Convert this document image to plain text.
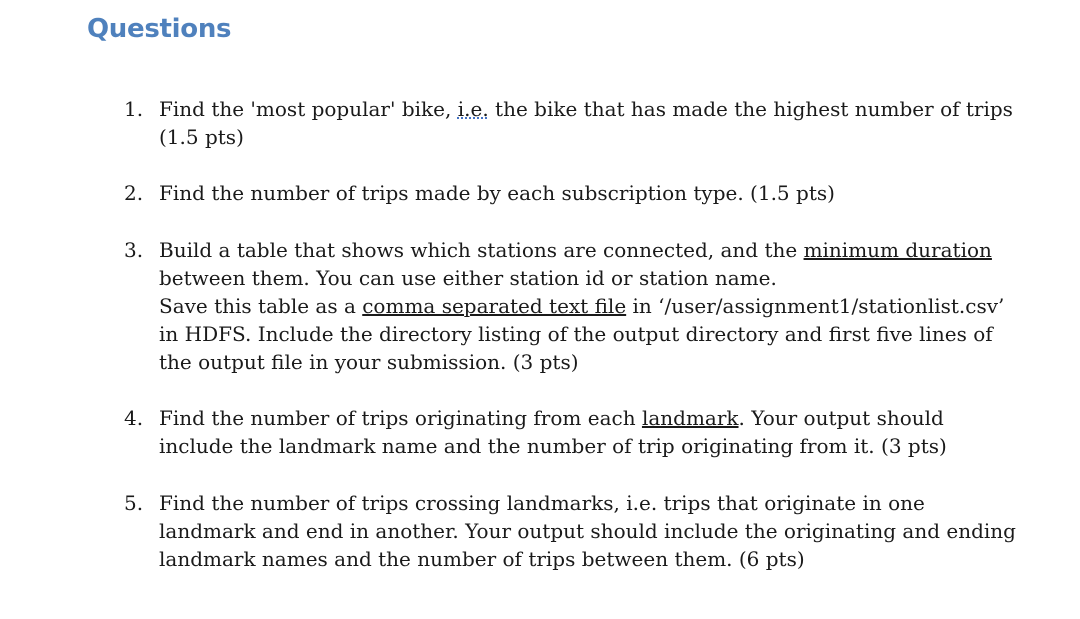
Questions
1. Find the 'most popular' bike, i.e. the bike that has made the highest number of trips
(1.5 pts)
2. Find the number of trips made by each subscription type. (1.5 pts)
3. Build a table that shows which stations are connected, and the minimum duration
between them. You can use either station id or station name.
Save this table as a comma separated text file in ‘/user/assignment1/stationlist.csv’
in HDFS. Include the directory listing of the output directory and first five lines of
the output file in your submission. (3 pts)
4. Find the number of trips originating from each landmark. Your output should
include the landmark name and the number of trip originating from it. (3 pts)
5. Find the number of trips crossing landmarks, i.e. trips that originate in one
landmark and end in another. Your output should include the originating and ending
landmark names and the number of trips between them. (6 pts)
